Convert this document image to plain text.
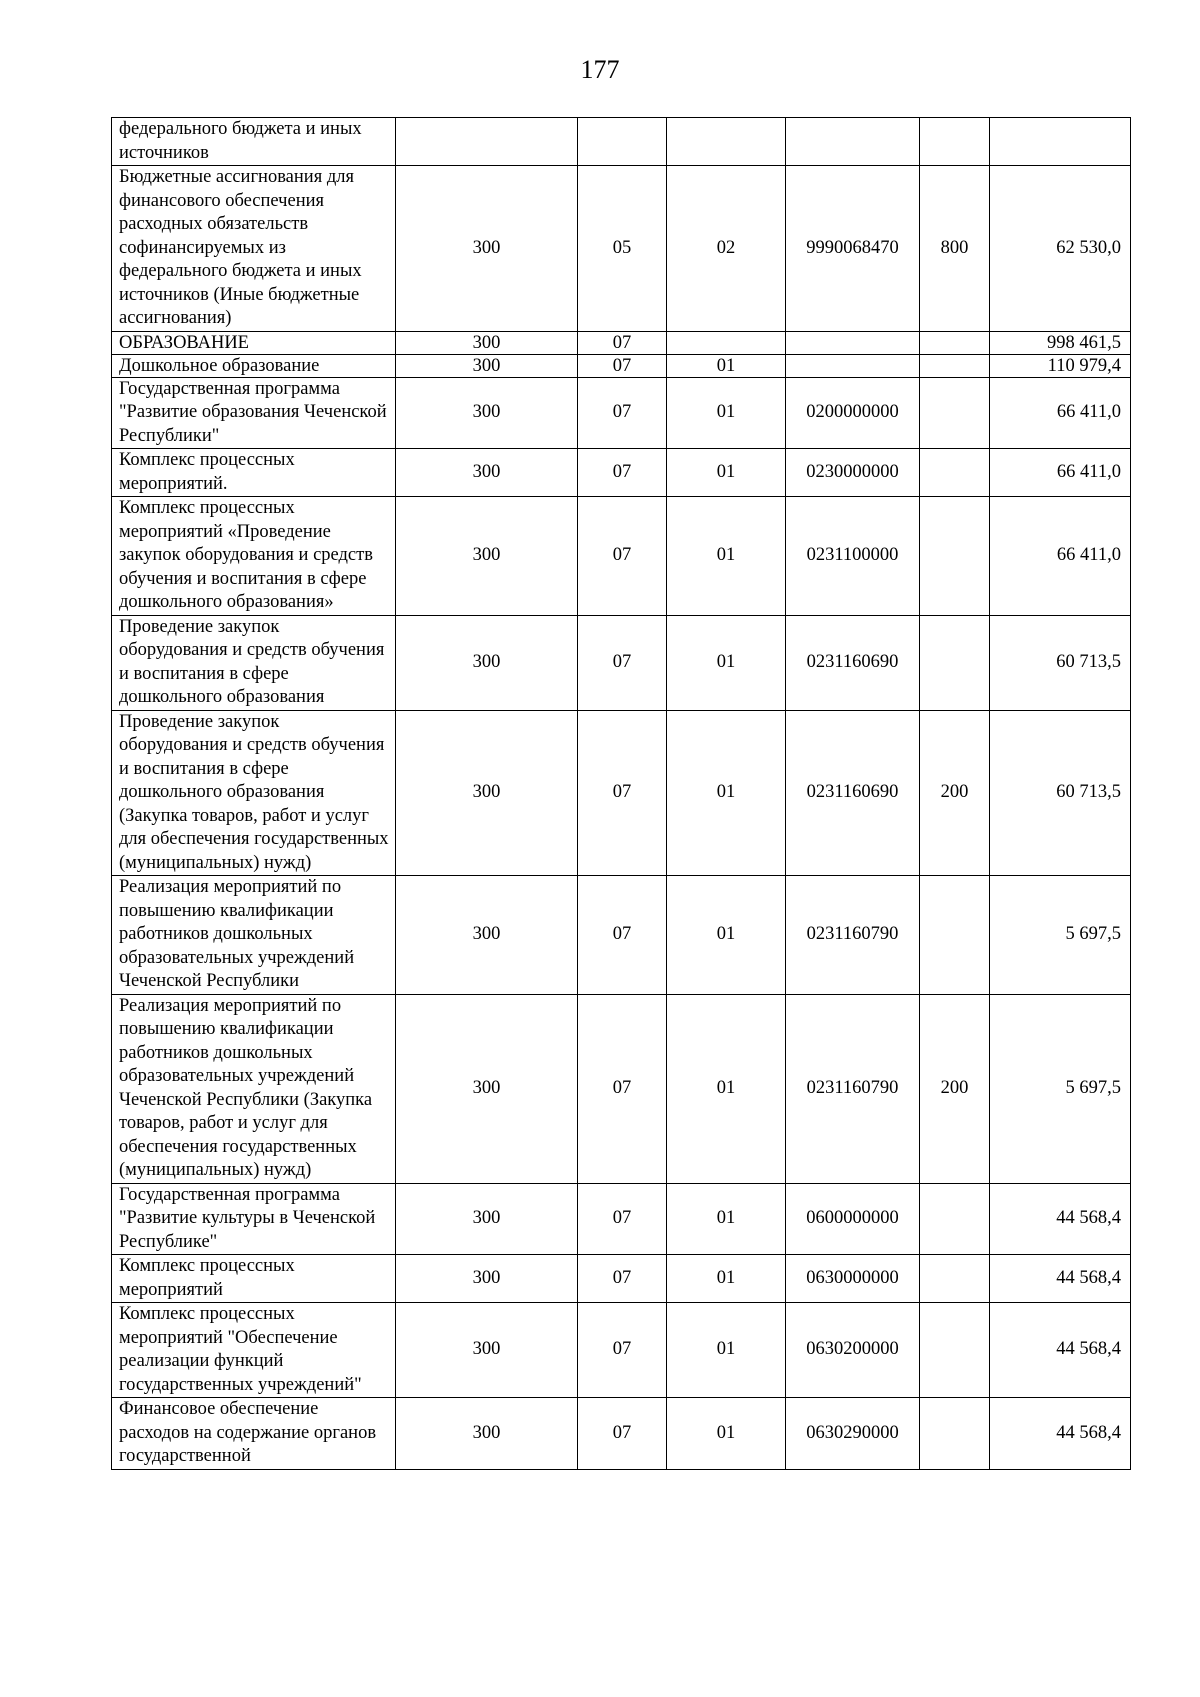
177
федерального бюджета и иных источников						
Бюджетные ассигнования для финансового обеспечения расходных обязательств софинансируемых из федерального бюджета и иных источников (Иные бюджетные ассигнования)	300	05	02	9990068470	800	62 530,0
ОБРАЗОВАНИЕ	300	07				998 461,5
Дошкольное образование	300	07	01			110 979,4
Государственная программа "Развитие образования Чеченской Республики"	300	07	01	0200000000		66 411,0
Комплекс процессных мероприятий.	300	07	01	0230000000		66 411,0
Комплекс процессных мероприятий «Проведение закупок оборудования и средств обучения и воспитания в сфере дошкольного образования»	300	07	01	0231100000		66 411,0
Проведение закупок оборудования и средств обучения и воспитания в сфере дошкольного образования	300	07	01	0231160690		60 713,5
Проведение закупок оборудования и средств обучения и воспитания в сфере дошкольного образования (Закупка товаров, работ и услуг для обеспечения государственных (муниципальных) нужд)	300	07	01	0231160690	200	60 713,5
Реализация мероприятий по повышению квалификации работников дошкольных образовательных учреждений Чеченской Республики	300	07	01	0231160790		5 697,5
Реализация мероприятий по повышению квалификации работников дошкольных образовательных учреждений Чеченской Республики (Закупка товаров, работ и услуг для обеспечения государственных (муниципальных) нужд)	300	07	01	0231160790	200	5 697,5
Государственная программа "Развитие культуры в Чеченской Республике"	300	07	01	0600000000		44 568,4
Комплекс процессных мероприятий	300	07	01	0630000000		44 568,4
Комплекс процессных мероприятий "Обеспечение реализации функций государственных учреждений"	300	07	01	0630200000		44 568,4
Финансовое обеспечение расходов на содержание органов государственной	300	07	01	0630290000		44 568,4
